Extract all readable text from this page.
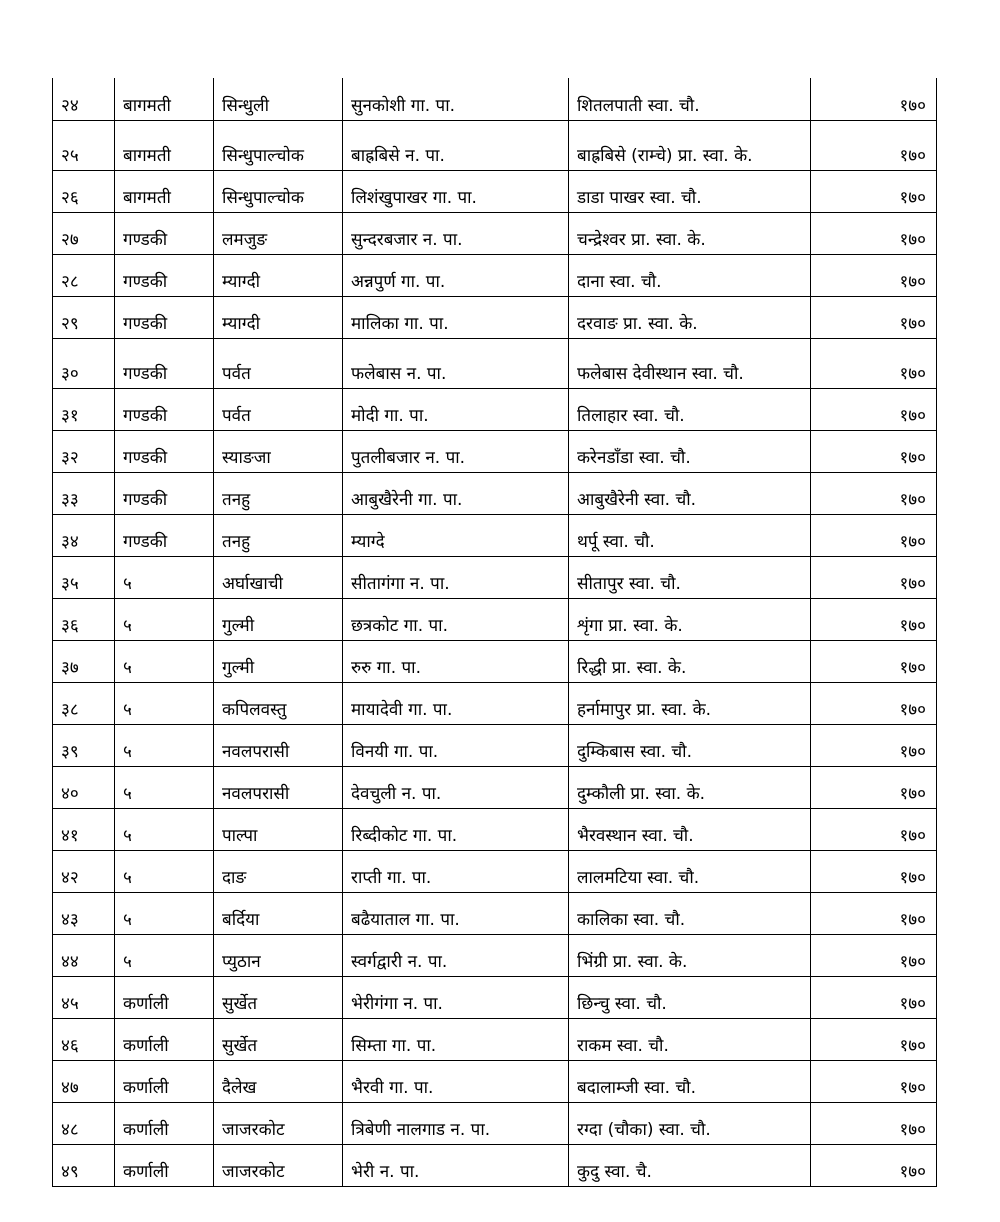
२४	बागमती	सिन्धुली	सुनकोशी गा. पा.	शितलपाती स्वा. चौ.	१७०
२५	बागमती	सिन्धुपाल्चोक	बाह्रबिसे न. पा.	बाह्रबिसे (राम्चे) प्रा. स्वा. के.	१७०
२६	बागमती	सिन्धुपाल्चोक	लिशंखुपाखर गा. पा.	डाडा पाखर स्वा. चौ.	१७०
२७	गण्डकी	लमजुङ	सुन्दरबजार न. पा.	चन्द्रेश्वर प्रा. स्वा. के.	१७०
२८	गण्डकी	म्याग्दी	अन्नपुर्ण गा. पा.	दाना स्वा. चौ.	१७०
२९	गण्डकी	म्याग्दी	मालिका गा. पा.	दरवाङ प्रा. स्वा. के.	१७०
३०	गण्डकी	पर्वत	फलेबास न. पा.	फलेबास देवीस्थान स्वा. चौ.	१७०
३१	गण्डकी	पर्वत	मोदी गा. पा.	तिलाहार स्वा. चौ.	१७०
३२	गण्डकी	स्याङजा	पुतलीबजार न. पा.	करेनडाँडा स्वा. चौ.	१७०
३३	गण्डकी	तनहु	आबुखैरेनी गा. पा.	आबुखैरेनी स्वा. चौ.	१७०
३४	गण्डकी	तनहु	म्याग्दे	थर्पू स्वा. चौ.	१७०
३५	५	अर्घाखाची	सीतागंगा न. पा.	सीतापुर स्वा. चौ.	१७०
३६	५	गुल्मी	छत्रकोट गा. पा.	शृंगा प्रा. स्वा. के.	१७०
३७	५	गुल्मी	रुरु गा. पा.	रिद्धी प्रा. स्वा. के.	१७०
३८	५	कपिलवस्तु	मायादेवी गा. पा.	हर्नामापुर प्रा. स्वा. के.	१७०
३९	५	नवलपरासी	विनयी गा. पा.	दुम्किबास स्वा. चौ.	१७०
४०	५	नवलपरासी	देवचुली न. पा.	दुम्कौली प्रा. स्वा. के.	१७०
४१	५	पाल्पा	रिब्दीकोट गा. पा.	भैरवस्थान स्वा. चौ.	१७०
४२	५	दाङ	राप्ती गा. पा.	लालमटिया स्वा. चौ.	१७०
४३	५	बर्दिया	बढैयाताल गा. पा.	कालिका स्वा. चौ.	१७०
४४	५	प्युठान	स्वर्गद्वारी न. पा.	भिंग्री प्रा. स्वा. के.	१७०
४५	कर्णाली	सुर्खेत	भेरीगंगा न. पा.	छिन्चु स्वा. चौ.	१७०
४६	कर्णाली	सुर्खेत	सिम्ता गा. पा.	राकम स्वा. चौ.	१७०
४७	कर्णाली	दैलेख	भैरवी गा. पा.	बदालाम्जी स्वा. चौ.	१७०
४८	कर्णाली	जाजरकोट	त्रिबेणी नालगाड न. पा.	रग्दा (चौका) स्वा. चौ.	१७०
४९	कर्णाली	जाजरकोट	भेरी न. पा.	कुदु स्वा. चै.	१७०
